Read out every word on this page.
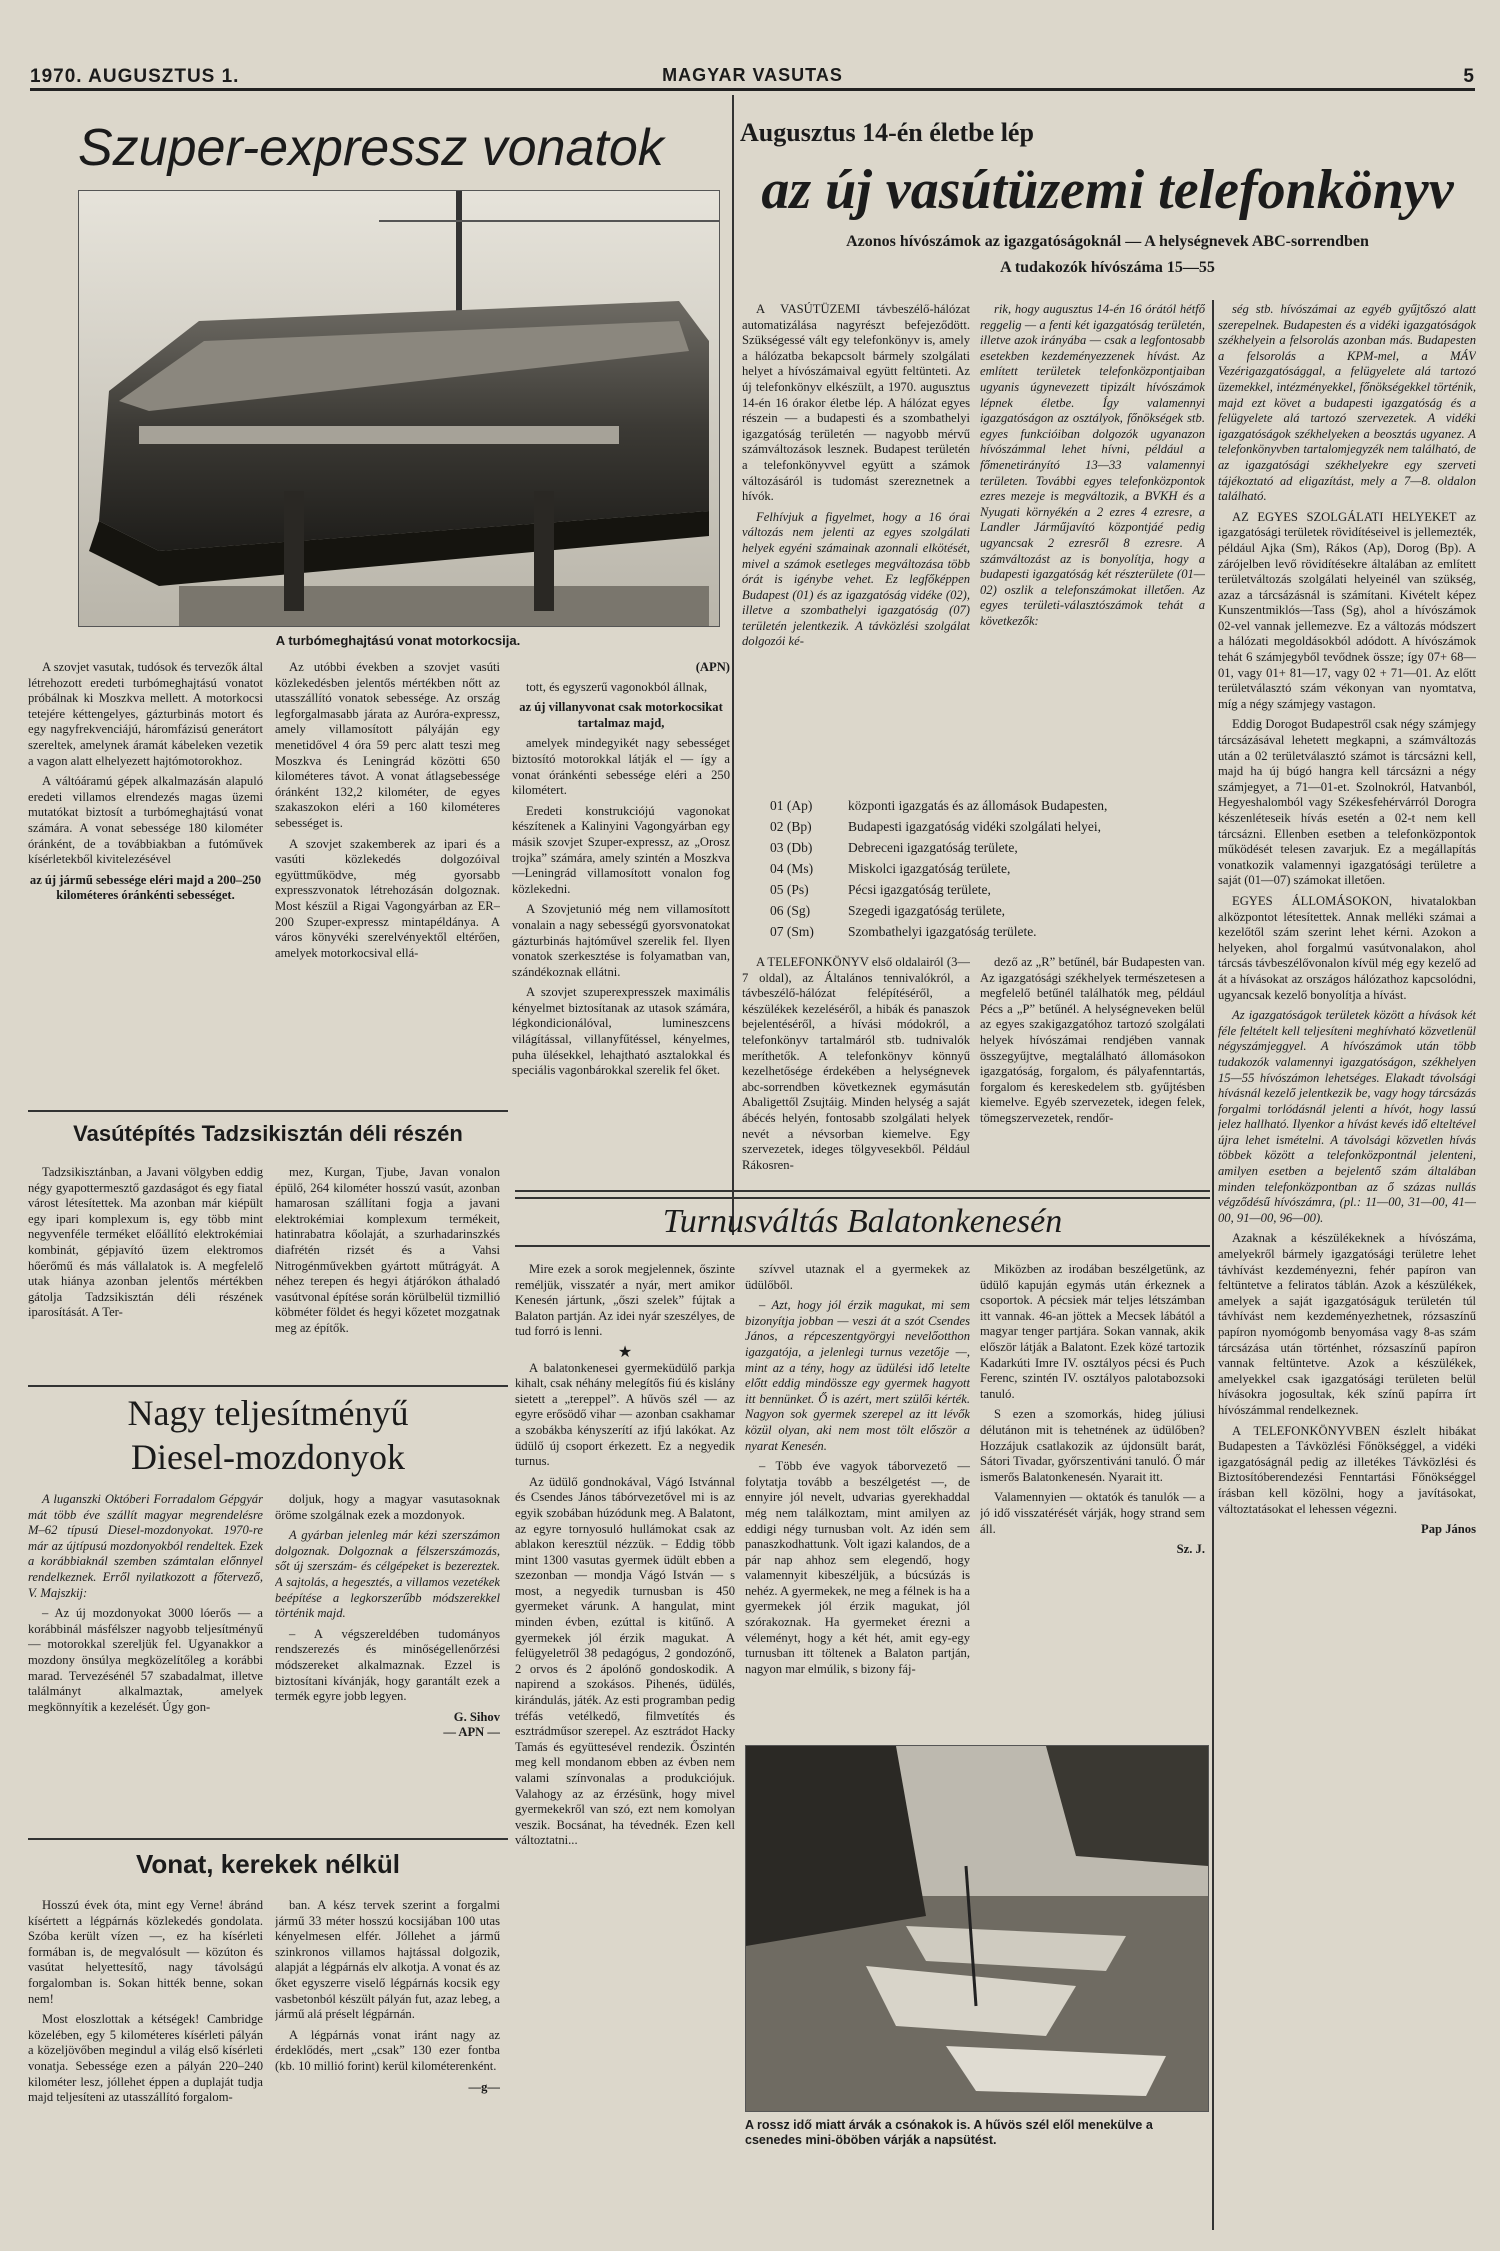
1970. AUGUSZTUS 1.	MAGYAR VASUTAS	5
Szuper-expressz vonatok
A turbómeghajtású vonat motorkocsija.

A szovjet vasutak, tudósok és tervezők által létrehozott eredeti turbómeghajtású vonatot próbálnak ki Moszkva mellett. A motorkocsi tetejére kéttengelyes, gázturbinás motort és egy nagyfrekvenciájú, háromfázisú generátort szereltek, amelynek áramát kábeleken vezetik a vagon alatt elhelyezett hajtómotorokhoz.

A váltóáramú gépek alkalmazásán alapuló eredeti villamos elrendezés magas üzemi mutatókat biztosít a turbómeghajtású vonat számára. A vonat sebessége 180 kilométer óránként, de a továbbiakban a futóművek kísérletekből kivitelezésével

az új jármű sebessége eléri majd a 200–250 kilométeres óránkénti sebességet.

Az utóbbi években a szovjet vasúti közlekedésben jelentős mértékben nőtt az utasszállító vonatok sebessége. Az ország legforgalmasabb járata az Auróra-expressz, amely villamosított pályáján egy menetidővel 4 óra 59 perc alatt teszi meg Moszkva és Leningrád közötti 650 kilométeres távot. A vonat átlagsebessége óránként 132,2 kilométer, de egyes szakaszokon eléri a 160 kilométeres sebességet is.

A szovjet szakemberek az ipari és a vasúti közlekedés dolgozóival együttműködve, még gyorsabb expresszvonatok létrehozásán dolgoznak. Most készül a Rigai Vagongyárban az ER–200 Szuper-expressz mintapéldánya. A város könyvéki szerelvényektől eltérően, amelyek motorkocsival ellá-

(APN)

tott, és egyszerű vagonokból állnak,

az új villanyvonat csak motorkocsikat tartalmaz majd,

amelyek mindegyikét nagy sebességet biztosító motorokkal látják el — így a vonat óránkénti sebessége eléri a 250 kilométert.

Eredeti konstrukciójú vagonokat készítenek a Kalinyini Vagongyárban egy másik szovjet Szuper-expressz, az „Orosz trojka” számára, amely szintén a Moszkva—Leningrád villamosított vonalon fog közlekedni.

A Szovjetunió még nem villamosított vonalain a nagy sebességű gyorsvonatokat gázturbinás hajtóművel szerelik fel. Ilyen vonatok szerkesztése is folyamatban van, szándékoznak ellátni.

A szovjet szuperexpresszek maximális kényelmet biztosítanak az utasok számára, légkondicionálóval, lumineszcens világítással, villanyfűtéssel, kényelmes, puha ülésekkel, lehajtható asztalokkal és speciális vagonbárokkal szerelik fel őket.

Vasútépítés Tadzsikisztán déli részén

Tadzsikisztánban, a Javani völgyben eddig négy gyapottermesztő gazdaságot és egy fiatal várost létesítettek. Ma azonban már kiépült egy ipari komplexum is, egy több mint negyvenféle terméket előállító elektrokémiai kombinát, gépjavító üzem elektromos hőerőmű és más vállalatok is. A megfelelő utak hiánya azonban jelentős mértékben gátolja Tadzsikisztán déli részének iparosítását. A Ter-

mez, Kurgan, Tjube, Javan vonalon épülő, 264 kilométer hosszú vasút, azonban hamarosan szállítani fogja a javani elektrokémiai komplexum termékeit, hatinrabatra kőolaját, a szurhadarinszkés diafrétén rizsét és a Vahsi Nitrogénművekben gyártott műtrágyát. A néhez terepen és hegyi átjárókon áthaladó vasútvonal építése során körülbelül tizmillió köbméter földet és hegyi kőzetet mozgatnak meg az építők.

Nagy teljesítményű
Diesel-mozdonyok

A luganszki Októberi Forradalom Gépgyár mát több éve szállít magyar megrendelésre M–62 típusú Diesel-mozdonyokat. 1970-re már az újtípusú mozdonyokból rendeltek. Ezek a korábbiaknál szemben számtalan előnnyel rendelkeznek. Erről nyilatkozott a főtervező, V. Majszkij:

– Az új mozdonyokat 3000 lóerős — a korábbinál másfélszer nagyobb teljesítményű — motorokkal szereljük fel. Ugyanakkor a mozdony önsúlya megközelítőleg a korábbi marad. Tervezésénél 57 szabadalmat, illetve találmányt alkalmaztak, amelyek megkönnyítik a kezelését. Úgy gon-

doljuk, hogy a magyar vasutasoknak öröme szolgálnak ezek a mozdonyok.

A gyárban jelenleg már kézi szerszámon dolgoznak. Dolgoznak a félszerszámozás, sőt új szerszám- és célgépeket is bezereztek. A sajtolás, a hegesztés, a villamos vezetékek beépítése a legkorszerűbb módszerekkel történik majd.

– A végszereldében tudományos rendszerezés és minőségellenőrzési módszereket alkalmaznak. Ezzel is biztosítani kívánják, hogy garantált ezek a termék egyre jobb legyen.

G. Sihov
— APN —
Vonat, kerekek nélkül

Hosszú évek óta, mint egy Verne! ábránd kísértett a légpárnás közlekedés gondolata. Szóba került vízen —, ez ha kísérleti formában is, de megvalósult — közúton és vasútat helyettesítő, nagy távolságú forgalomban is. Sokan hitték benne, sokan nem!

Most eloszlottak a kétségek! Cambridge közelében, egy 5 kilométeres kísérleti pályán a közeljövőben megindul a világ első kísérleti vonatja. Sebessége ezen a pályán 220–240 kilométer lesz, jóllehet éppen a duplaját tudja majd teljesíteni az utasszállító forgalom-

ban. A kész tervek szerint a forgalmi jármű 33 méter hosszú kocsijában 100 utas kényelmesen elfér. Jóllehet a jármű szinkronos villamos hajtással dolgozik, alapját a légpárnás elv alkotja. A vonat és az őket egyszerre viselő légpárnás kocsik egy vasbetonból készült pályán fut, azaz lebeg, a jármű alá préselt légpárnán.

A légpárnás vonat iránt nagy az érdeklődés, mert „csak” 130 ezer fontba (kb. 10 millió forint) kerül kilométerenként.

—g—
Augusztus 14-én életbe lép
az új vasútüzemi telefonkönyv
Azonos hívószámok az igazgatóságoknál — A helységnevek ABC-sorrendben
A tudakozók hívószáma 15—55

A VASÚTÜZEMI távbeszélő-hálózat automatizálása nagyrészt befejeződött. Szükségessé vált egy telefonkönyv is, amely a hálózatba bekapcsolt bármely szolgálati helyet a hívószámaival együtt feltünteti. Az új telefonkönyv elkészült, a 1970. augusztus 14-én 16 órakor életbe lép. A hálózat egyes részein — a budapesti és a szombathelyi igazgatóság területén — nagyobb mérvű számváltozások lesznek. Budapest területén a telefonkönyvvel együtt a számok változásáról is tudomást szereznetnek a hívók.

Felhívjuk a figyelmet, hogy a 16 órai változás nem jelenti az egyes szolgálati helyek egyéni számainak azonnali elkötését, mivel a számok esetleges megváltozása több órát is igénybe vehet. Ez legfőképpen Budapest (01) és az igazgatóság vidéke (02), illetve a szombathelyi igazgatóság (07) területén jelentkezik. A távközlési szolgálat dolgozói ké-

rik, hogy augusztus 14-én 16 órától hétfő reggelig — a fenti két igazgatóság területén, illetve azok irányába — csak a legfontosabb esetekben kezdeményezzenek hívást. Az említett területek telefonközpontjaiban ugyanis úgynevezett tipizált hívószámok lépnek életbe. Így valamennyi igazgatóságon az osztályok, főnökségek stb. egyes funkcióiban dolgozók ugyanazon hívószámmal lehet hívni, például a főmenetirányító 13—33 valamennyi területen. További egyes telefonközpontok ezres mezeje is megváltozik, a BVKH és a Nyugati környékén a 2 ezres 4 ezresre, a Landler Járműjavító központjáé pedig ugyancsak 2 ezresről 8 ezresre. A számváltozást az is bonyolítja, hogy a budapesti igazgatóság két részterülete (01—02) oszlik a telefonszámokat illetően. Az egyes területi-választószámok tehát a következők:

01 (Ap)	központi igazgatás és az állomások Budapesten,
02 (Bp)	Budapesti igazgatóság vidéki szolgálati helyei,
03 (Db)	Debreceni igazgatóság területe,
04 (Ms)	Miskolci igazgatóság területe,
05 (Ps)	Pécsi igazgatóság területe,
06 (Sg)	Szegedi igazgatóság területe,
07 (Sm)	Szombathelyi igazgatóság területe.

A TELEFONKÖNYV első oldalairól (3—7 oldal), az Általános tennivalókról, a távbeszélő-hálózat felépítéséről, a készülékek kezeléséről, a hibák és panaszok bejelentéséről, a hívási módokról, a telefonkönyv tartalmáról stb. tudnivalók meríthetők. A telefonkönyv könnyű kezelhetősége érdekében a helységnevek abc-sorrendben következnek egymásután Abaligettől Zsujtáig. Minden helység a saját ábécés helyén, fontosabb szolgálati helyek nevét a névsorban kiemelve. Egy szervezetek, ideges tölgyvesekből. Például Rákosren-

dező az „R” betűnél, bár Budapesten van. Az igazgatósági székhelyek természetesen a megfelelő betűnél találhatók meg, például Pécs a „P” betűnél. A helységneveken belül az egyes szakigazgatóhoz tartozó szolgálati helyek hívószámai rendjében vannak összegyűjtve, megtalálható állomásokon igazgatóság, forgalom, és pályafenntartás, forgalom és kereskedelem stb. gyűjtésben kiemelve. Egyéb szervezetek, idegen felek, tömegszervezetek, rendőr-

ség stb. hívószámai az egyéb gyűjtőszó alatt szerepelnek. Budapesten és a vidéki igazgatóságok székhelyein a felsorolás azonban más. Budapesten a felsorolás a KPM-mel, a MÁV Vezérigazgatósággal, a felügyelete alá tartozó üzemekkel, intézményekkel, főnökségekkel történik, majd ezt követ a budapesti igazgatóság és a felügyelete alá tartozó szervezetek. A vidéki igazgatóságok székhelyeken a beosztás ugyanez. A telefonkönyvben tartalomjegyzék nem található, de az igazgatósági székhelyekre egy szerveti tájékoztató ad eligazítást, mely a 7—8. oldalon található.

AZ EGYES SZOLGÁLATI HELYEKET az igazgatósági területek rövidítéseivel is jellemezték, például Ajka (Sm), Rákos (Ap), Dorog (Bp). A zárójelben levő rövidítésekre általában az említett területváltozás szolgálati helyeinél van szükség, azaz a tárcsázásnál is számítani. Kivételt képez Kunszentmiklós—Tass (Sg), ahol a hívószámok 02-vel vannak jellemezve. Ez a változás módszert a hálózati megoldásokból adódott. A hívószámok tehát 6 számjegyből tevődnek össze; így 07+ 68—01, vagy 01+ 81—17, vagy 02 + 71—01. Az előtt területválasztó szám vékonyan van nyomtatva, míg a négy számjegy vastagon.

Eddig Dorogot Budapestről csak négy számjegy tárcsázásával lehetett megkapni, a számváltozás után a 02 területválasztó számot is tárcsázni kell, majd ha új búgó hangra kell tárcsázni a négy számjegyet, a 71—01-et. Szolnokról, Hatvanból, Hegyeshalomból vagy Székesfehérvárról Dorogra készenléteseik hívás esetén a 02-t nem kell tárcsázni. Ellenben esetben a telefonközpontok működését telesen zavarjuk. Ez a megállapítás vonatkozik valamennyi igazgatósági területre a saját (01—07) számokat illetően.

EGYES ÁLLOMÁSOKON, hivatalokban alközpontot létesítettek. Annak melléki számai a kezelőtől szám szerint lehet kérni. Azokon a helyeken, ahol forgalmú vasútvonalakon, ahol tárcsás távbeszélővonalon kívül még egy kezelő ad át a hívásokat az országos hálózathoz kapcsolódni, ugyancsak kezelő bonyolítja a hívást.

Az igazgatóságok területek között a hívások két féle feltételt kell teljesíteni meghívható közvetlenül négyszámjeggyel. A hívószámok után több tudakozók valamennyi igazgatóságon, székhelyen 15—55 hívószámon lehetséges. Elakadt távolsági hívásnál kezelő jelentkezik be, vagy hogy tárcsázás forgalmi torlódásnál jelenti a hívót, hogy lassú jelez hallható. Ilyenkor a hívást kevés idő elteltével újra lehet ismételni. A távolsági közvetlen hívás többek között a telefonközpontnál jelenteni, amilyen esetben a bejelentő szám általában minden telefonközpontban az ő százas nullás végződésű hívószámra, (pl.: 11—00, 31—00, 41—00, 91—00, 96—00).

Azaknak a készülékeknek a hívószáma, amelyekről bármely igazgatósági területre lehet távhívást kezdeményezni, fehér papíron van feltüntetve a feliratos táblán. Azok a készülékek, amelyek a saját igazgatóságuk területén túl távhívást nem kezdeményezhetnek, rózsaszínű papíron nyomógomb benyomása vagy 8-as szám tárcsázása után történhet, rózsaszínű papíron vannak feltüntetve. Azok a készülékek, amelyekkel csak igazgatósági területen belül hívásokra jogosultak, kék színű papírra írt hívószámmal rendelkeznek.

A TELEFONKÖNYVBEN észlelt hibákat Budapesten a Távközlési Főnökséggel, a vidéki igazgatóságnál pedig az illetékes Távközlési és Biztosítóberendezési Fenntartási Főnökséggel írásban kell közölni, hogy a javításokat, változtatásokat el lehessen végezni.

Pap János
Turnusváltás Balatonkenesén

Mire ezek a sorok megjelennek, őszinte reméljük, visszatér a nyár, mert amikor Kenesén jártunk, „őszi szelek” fújtak a Balaton partján. Az idei nyár szeszélyes, de tud forró is lenni.

★

A balatonkenesei gyermeküdülő parkja kihalt, csak néhány melegítős fiú és kislány sietett a „tereppel”. A hűvös szél — az egyre erősödő vihar — azonban csakhamar a szobákba kényszerítí az ifjú lakókat. Az üdülő új csoport érkezett. Ez a negyedik turnus.

Az üdülő gondnokával, Vágó Istvánnal és Csendes János tábórvezetővel mi is az egyik szobában húzódunk meg. A Balatont, az egyre tornyosuló hullámokat csak az ablakon keresztül nézzük. – Eddig több mint 1300 vasutas gyermek üdült ebben a szezonban — mondja Vágó István — s most, a negyedik turnusban is 450 gyermeket várunk. A hangulat, mint minden évben, ezúttal is kitűnő. A gyermekek jól érzik magukat. A felügyeletről 38 pedagógus, 2 gondozónő, 2 orvos és 2 ápolónő gondoskodik. A napirend a szokásos. Pihenés, üdülés, kirándulás, játék. Az esti programban pedig tréfás vetélkedő, filmvetítés és esztrádműsor szerepel. Az esztrádot Hacky Tamás és együttesével rendezik. Őszintén meg kell mondanom ebben az évben nem valami színvonalas a produkciójuk. Valahogy az az érzésünk, hogy mivel gyermekekről van szó, ezt nem komolyan veszik. Bocsánat, ha tévednék. Ezen kell változtatni...

szívvel utaznak el a gyermekek az üdülőből.

– Azt, hogy jól érzik magukat, mi sem bizonyítja jobban — veszi át a szót Csendes János, a répceszentgyörgyi nevelőotthon igazgatója, a jelenlegi turnus vezetője —, mint az a tény, hogy az üdülési idő letelte előtt eddig mindössze egy gyermek hagyott itt bennünket. Ő is azért, mert szülői kérték. Nagyon sok gyermek szerepel az itt lévők közül olyan, aki nem most tölt először a nyarat Kenesén.

– Több éve vagyok táborvezető — folytatja tovább a beszélgetést —, de ennyire jól nevelt, udvarias gyerekhaddal még nem találkoztam, mint amilyen az eddigi négy turnusban volt. Az idén sem panaszkodhattunk. Volt igazi kalandos, de a pár nap ahhoz sem elegendő, hogy valamennyit kibeszéljük, a búcsúzás is nehéz. A gyermekek, ne meg a félnek is ha a gyermekek jól érzik magukat, jól szórakoznak. Ha gyermeket érezni a véleményt, hogy a két hét, amit egy-egy turnusban itt töltenek a Balaton partján, nagyon mar elmúlik, s bizony fáj-

Miközben az irodában beszélgetünk, az üdülő kapuján egymás után érkeznek a csoportok. A pécsiek már teljes létszámban itt vannak. 46-an jöttek a Mecsek lábától a magyar tenger partjára. Sokan vannak, akik először látják a Balatont. Ezek közé tartozik Kadarkúti Imre IV. osztályos pécsi és Puch Ferenc, szintén IV. osztályos palotabozsoki tanuló.

S ezen a szomorkás, hideg júliusi délutánon mit is tehetnének az üdülőben? Hozzájuk csatlakozik az újdonsült barát, Sátori Tivadar, győrszentiváni tanuló. Ő már ismerős Balatonkenesén. Nyarait itt.

Valamennyien — oktatók és tanulók — a jó idő visszatérését várják, hogy strand sem áll.

Sz. J.
A rossz idő miatt árvák a csónakok is. A hűvös szél elől menekülve a csenedes mini-öböben várják a napsütést.
